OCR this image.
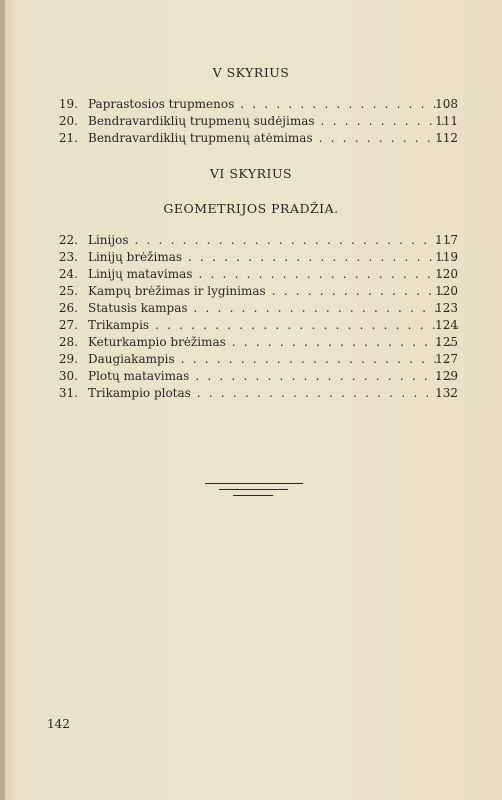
V SKYRIUS
19. Paprastosios trupmenos . . .	108
20. Bendravardiklių trupmenų sudėjimas . . .	111
21. Bendravardiklių trupmenų atėmimas . . .	112
VI SKYRIUS
GEOMETRIJOS PRADŽIA.
22. Linijos . . .	117
23. Linijų brėžimas . . .	119
24. Linijų matavimas . . .	120
25. Kampų brėžimas ir lyginimas . . .	120
26. Statusis kampas . . .	123
27. Trikampis . . .	124
28. Keturkampio brėžimas . . .	125
29. Daugiakampis . . .	127
30. Plotų matavimas . . .	129
31. Trikampio plotas . . .	132
142
